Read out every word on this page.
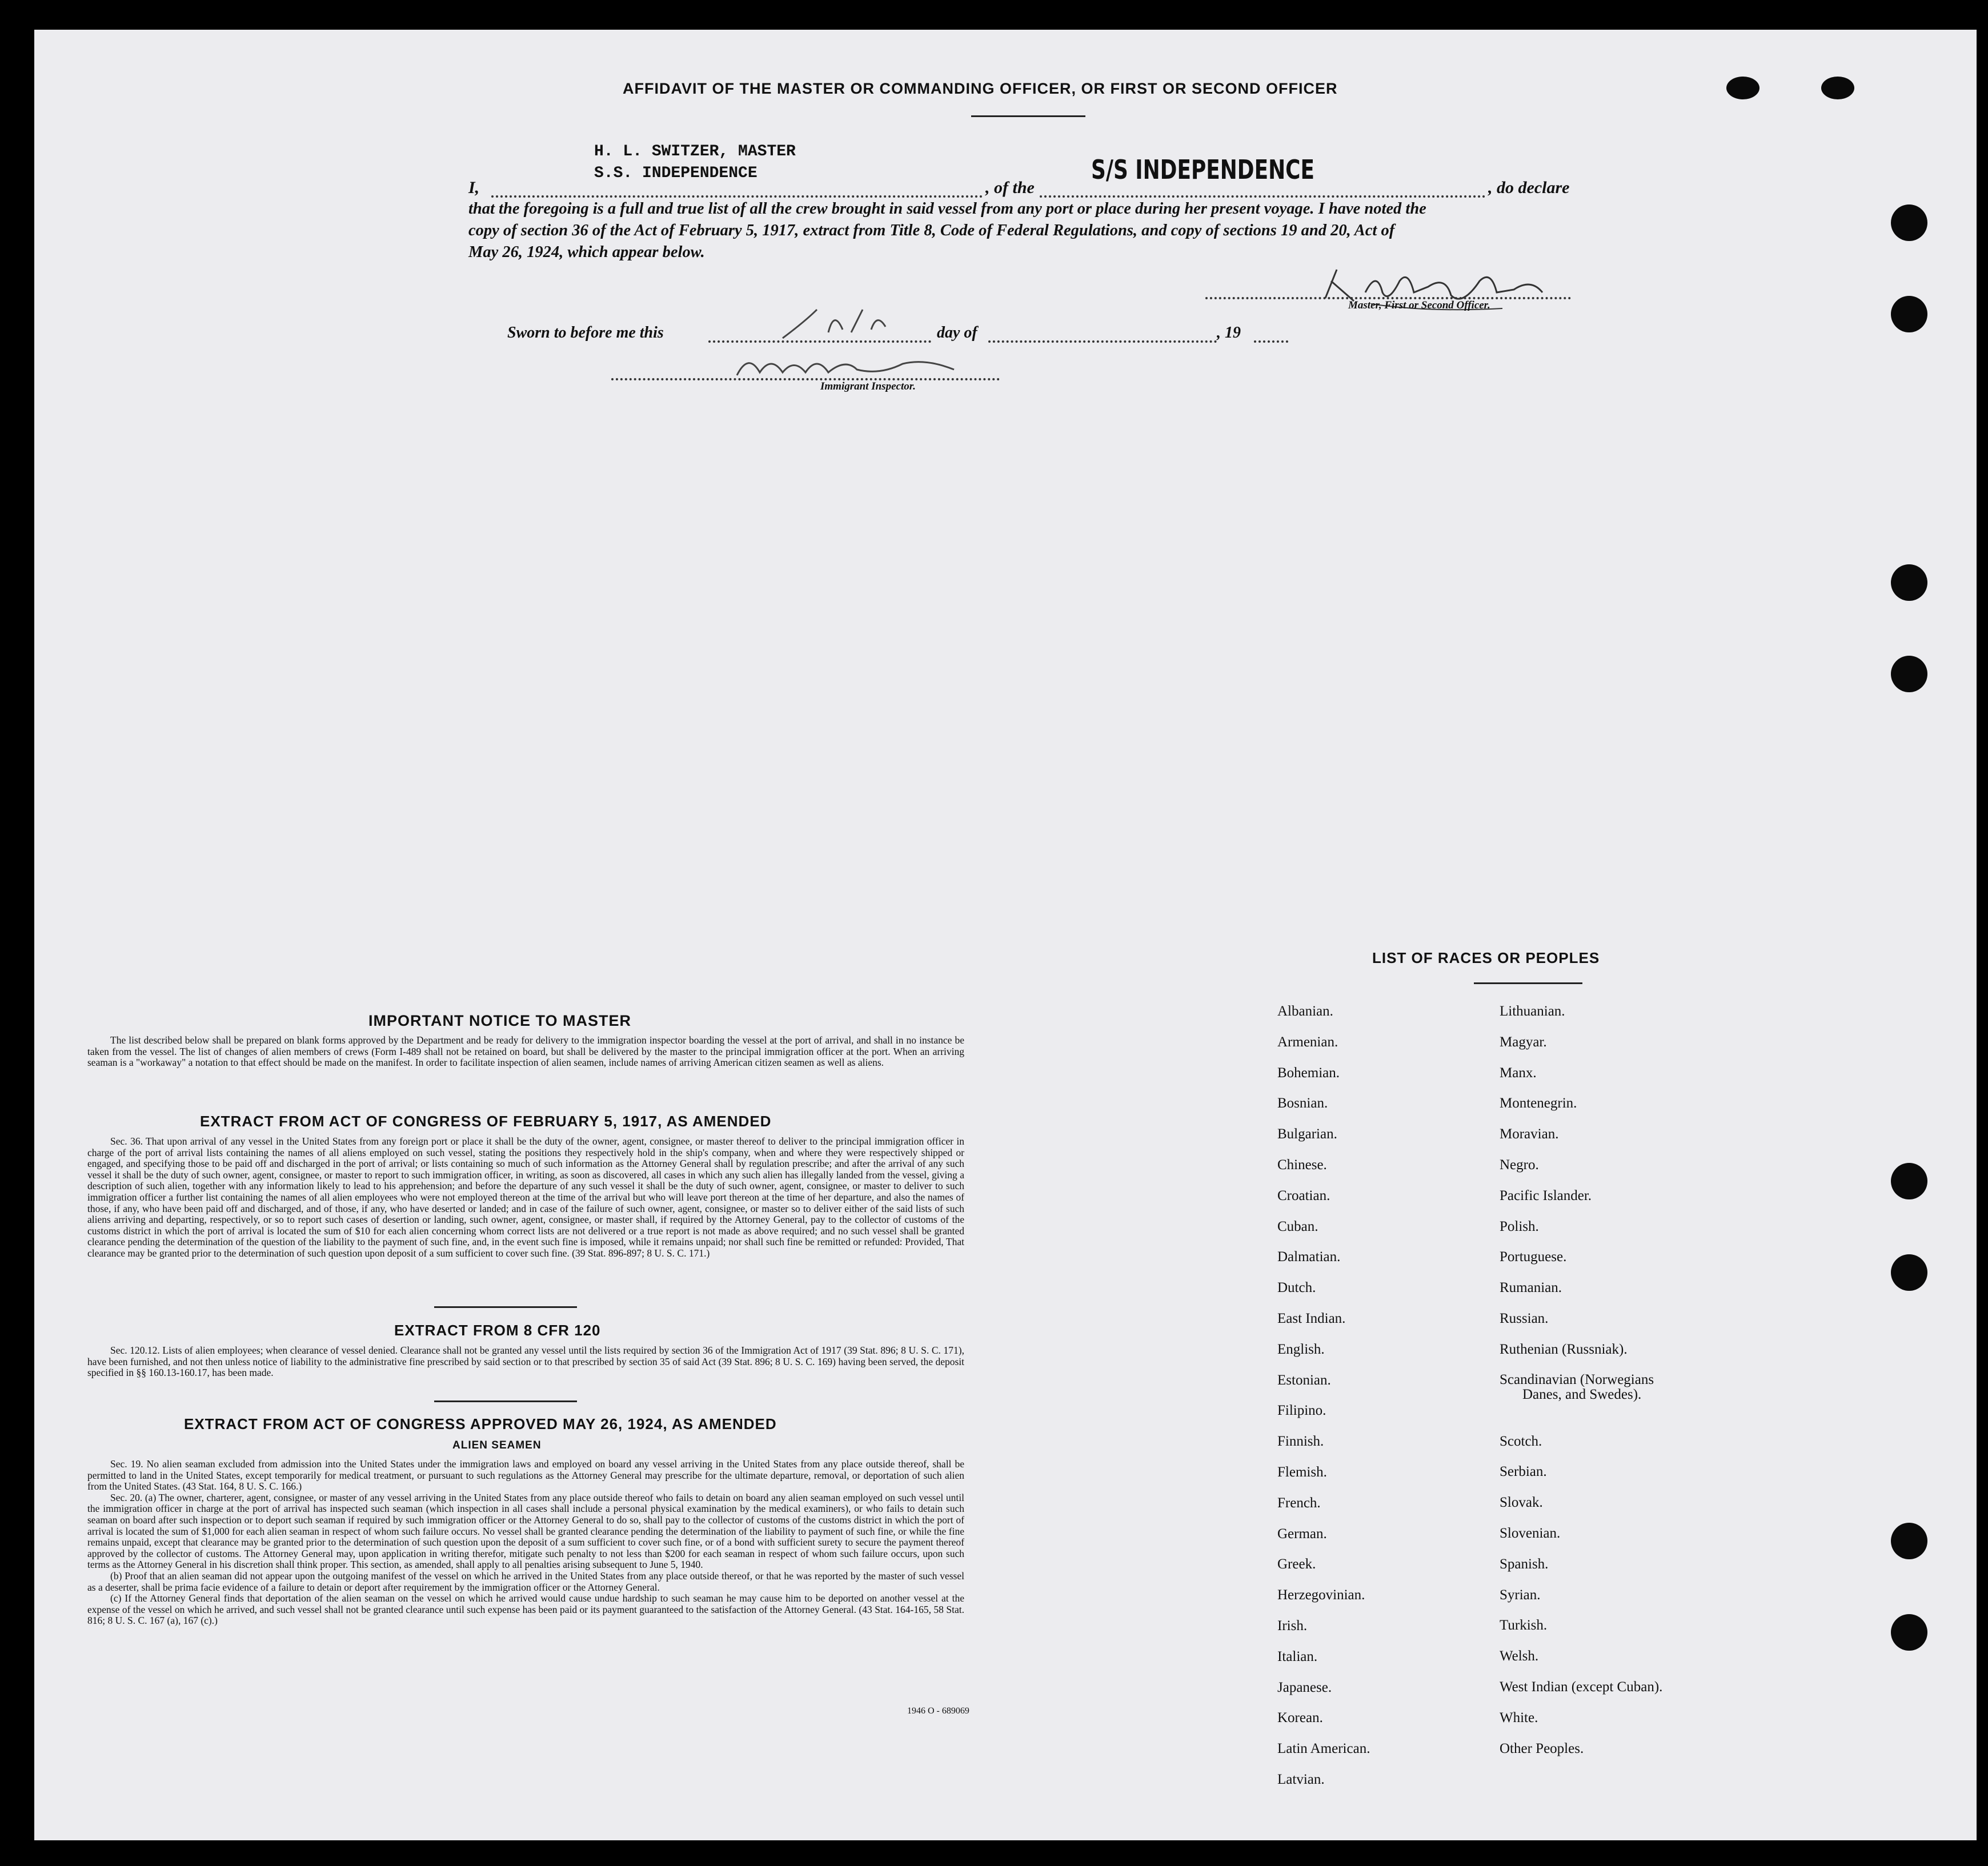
AFFIDAVIT OF THE MASTER OR COMMANDING OFFICER, OR FIRST OR SECOND OFFICER
I,
H. L. SWITZER, MASTER
S.S. INDEPENDENCE
, of the
S/S INDEPENDENCE
, do declare
that the foregoing is a full and true list of all the crew brought in said vessel from any port or place during her present voyage. I have noted the
copy of section 36 of the Act of February 5, 1917, extract from Title 8, Code of Federal Regulations, and copy of sections 19 and 20, Act of
May 26, 1924, which appear below.
Master, First or Second Officer.
Sworn to before me this	day of	, 19
Immigrant Inspector.
IMPORTANT NOTICE TO MASTER

The list described below shall be prepared on blank forms approved by the Department and be ready for delivery to the immigration inspector boarding the vessel at the port of arrival, and shall in no instance be taken from the vessel. The list of changes of alien members of crews (Form I-489 shall not be retained on board, but shall be delivered by the master to the principal immigration officer at the port. When an arriving seaman is a "workaway" a notation to that effect should be made on the manifest. In order to facilitate inspection of alien seamen, include names of arriving American citizen seamen as well as aliens.

EXTRACT FROM ACT OF CONGRESS OF FEBRUARY 5, 1917, AS AMENDED

Sec. 36. That upon arrival of any vessel in the United States from any foreign port or place it shall be the duty of the owner, agent, consignee, or master thereof to deliver to the principal immigration officer in charge of the port of arrival lists containing the names of all aliens employed on such vessel, stating the positions they respectively hold in the ship's company, when and where they were respectively shipped or engaged, and specifying those to be paid off and discharged in the port of arrival; or lists containing so much of such information as the Attorney General shall by regulation prescribe; and after the arrival of any such vessel it shall be the duty of such owner, agent, consignee, or master to report to such immigration officer, in writing, as soon as discovered, all cases in which any such alien has illegally landed from the vessel, giving a description of such alien, together with any information likely to lead to his apprehension; and before the departure of any such vessel it shall be the duty of such owner, agent, consignee, or master to deliver to such immigration officer a further list containing the names of all alien employees who were not employed thereon at the time of the arrival but who will leave port thereon at the time of her departure, and also the names of those, if any, who have been paid off and discharged, and of those, if any, who have deserted or landed; and in case of the failure of such owner, agent, consignee, or master so to deliver either of the said lists of such aliens arriving and departing, respectively, or so to report such cases of desertion or landing, such owner, agent, consignee, or master shall, if required by the Attorney General, pay to the collector of customs of the customs district in which the port of arrival is located the sum of $10 for each alien concerning whom correct lists are not delivered or a true report is not made as above required; and no such vessel shall be granted clearance pending the determination of the question of the liability to the payment of such fine, and, in the event such fine is imposed, while it remains unpaid; nor shall such fine be remitted or refunded: Provided, That clearance may be granted prior to the determination of such question upon deposit of a sum sufficient to cover such fine. (39 Stat. 896-897; 8 U. S. C. 171.)

EXTRACT FROM 8 CFR 120

Sec. 120.12. Lists of alien employees; when clearance of vessel denied. Clearance shall not be granted any vessel until the lists required by section 36 of the Immigration Act of 1917 (39 Stat. 896; 8 U. S. C. 171), have been furnished, and not then unless notice of liability to the administrative fine prescribed by said section or to that prescribed by section 35 of said Act (39 Stat. 896; 8 U. S. C. 169) having been served, the deposit specified in §§ 160.13-160.17, has been made.

EXTRACT FROM ACT OF CONGRESS APPROVED MAY 26, 1924, AS AMENDED
ALIEN SEAMEN

Sec. 19. No alien seaman excluded from admission into the United States under the immigration laws and employed on board any vessel arriving in the United States from any place outside thereof, shall be permitted to land in the United States, except temporarily for medical treatment, or pursuant to such regulations as the Attorney General may prescribe for the ultimate departure, removal, or deportation of such alien from the United States. (43 Stat. 164, 8 U. S. C. 166.)

Sec. 20. (a) The owner, charterer, agent, consignee, or master of any vessel arriving in the United States from any place outside thereof who fails to detain on board any alien seaman employed on such vessel until the immigration officer in charge at the port of arrival has inspected such seaman (which inspection in all cases shall include a personal physical examination by the medical examiners), or who fails to detain such seaman on board after such inspection or to deport such seaman if required by such immigration officer or the Attorney General to do so, shall pay to the collector of customs of the customs district in which the port of arrival is located the sum of $1,000 for each alien seaman in respect of whom such failure occurs. No vessel shall be granted clearance pending the determination of the liability to payment of such fine, or while the fine remains unpaid, except that clearance may be granted prior to the determination of such question upon the deposit of a sum sufficient to cover such fine, or of a bond with sufficient surety to secure the payment thereof approved by the collector of customs. The Attorney General may, upon application in writing therefor, mitigate such penalty to not less than $200 for each seaman in respect of whom such failure occurs, upon such terms as the Attorney General in his discretion shall think proper. This section, as amended, shall apply to all penalties arising subsequent to June 5, 1940.

(b) Proof that an alien seaman did not appear upon the outgoing manifest of the vessel on which he arrived in the United States from any place outside thereof, or that he was reported by the master of such vessel as a deserter, shall be prima facie evidence of a failure to detain or deport after requirement by the immigration officer or the Attorney General.

(c) If the Attorney General finds that deportation of the alien seaman on the vessel on which he arrived would cause undue hardship to such seaman he may cause him to be deported on another vessel at the expense of the vessel on which he arrived, and such vessel shall not be granted clearance until such expense has been paid or its payment guaranteed to the satisfaction of the Attorney General. (43 Stat. 164-165, 58 Stat. 816; 8 U. S. C. 167 (a), 167 (c).)

1946 O - 689069
LIST OF RACES OR PEOPLES
Albanian.
Armenian.
Bohemian.
Bosnian.
Bulgarian.
Chinese.
Croatian.
Cuban.
Dalmatian.
Dutch.
East Indian.
English.
Estonian.
Filipino.
Finnish.
Flemish.
French.
German.
Greek.
Herzegovinian.
Irish.
Italian.
Japanese.
Korean.
Latin American.
Latvian.
Lithuanian.
Magyar.
Manx.
Montenegrin.
Moravian.
Negro.
Pacific Islander.
Polish.
Portuguese.
Rumanian.
Russian.
Ruthenian (Russniak).
Scandinavian (Norwegians
Danes, and Swedes).
Scotch.
Serbian.
Slovak.
Slovenian.
Spanish.
Syrian.
Turkish.
Welsh.
West Indian (except Cuban).
White.
Other Peoples.
